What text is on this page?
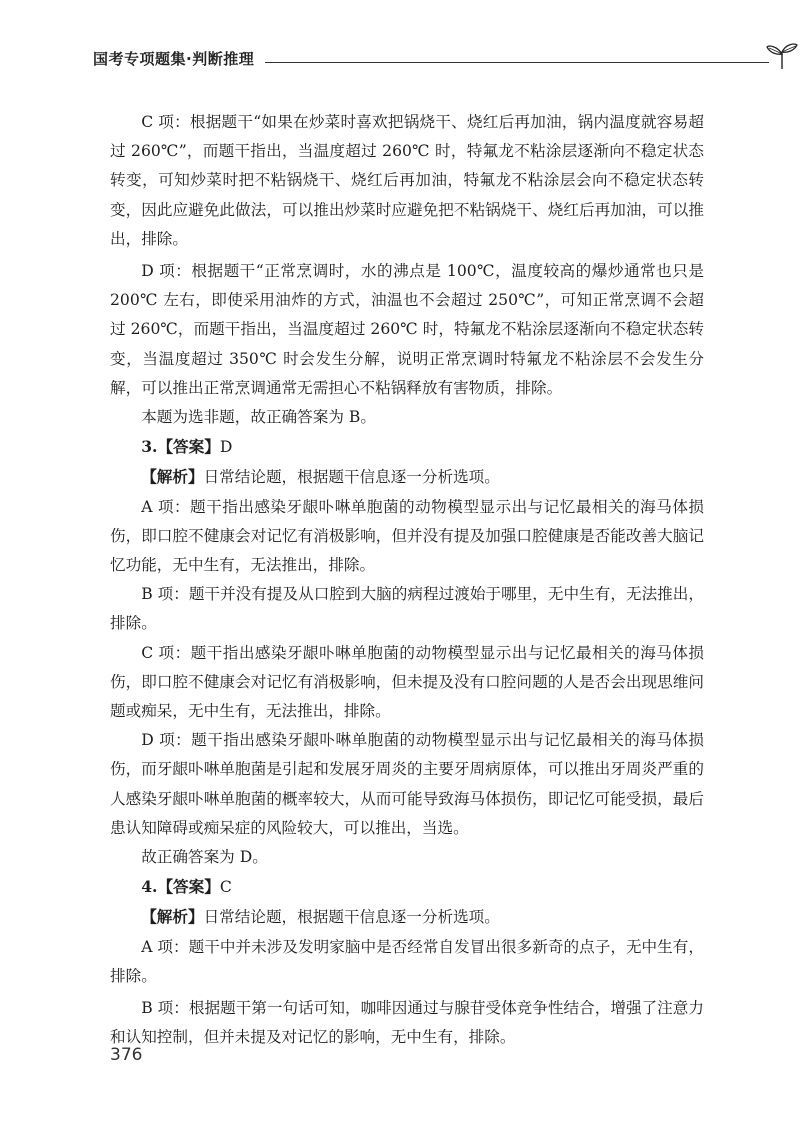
国考专项题集·判断推理

C 项：根据题干“如果在炒菜时喜欢把锅烧干、烧红后再加油，锅内温度就容易超过 260℃”，而题干指出，当温度超过 260℃ 时，特氟龙不粘涂层逐渐向不稳定状态转变，可知炒菜时把不粘锅烧干、烧红后再加油，特氟龙不粘涂层会向不稳定状态转变，因此应避免此做法，可以推出炒菜时应避免把不粘锅烧干、烧红后再加油，可以推出，排除。

D 项：根据题干“正常烹调时，水的沸点是 100℃，温度较高的爆炒通常也只是 200℃ 左右，即使采用油炸的方式，油温也不会超过 250℃”，可知正常烹调不会超过 260℃，而题干指出，当温度超过 260℃ 时，特氟龙不粘涂层逐渐向不稳定状态转变，当温度超过 350℃ 时会发生分解，说明正常烹调时特氟龙不粘涂层不会发生分解，可以推出正常烹调通常无需担心不粘锅释放有害物质，排除。

本题为选非题，故正确答案为 B。

3.【答案】D

【解析】日常结论题，根据题干信息逐一分析选项。

A 项：题干指出感染牙龈卟啉单胞菌的动物模型显示出与记忆最相关的海马体损伤，即口腔不健康会对记忆有消极影响，但并没有提及加强口腔健康是否能改善大脑记忆功能，无中生有，无法推出，排除。

B 项：题干并没有提及从口腔到大脑的病程过渡始于哪里，无中生有，无法推出，排除。

C 项：题干指出感染牙龈卟啉单胞菌的动物模型显示出与记忆最相关的海马体损伤，即口腔不健康会对记忆有消极影响，但未提及没有口腔问题的人是否会出现思维问题或痴呆，无中生有，无法推出，排除。

D 项：题干指出感染牙龈卟啉单胞菌的动物模型显示出与记忆最相关的海马体损伤，而牙龈卟啉单胞菌是引起和发展牙周炎的主要牙周病原体，可以推出牙周炎严重的人感染牙龈卟啉单胞菌的概率较大，从而可能导致海马体损伤，即记忆可能受损，最后患认知障碍或痴呆症的风险较大，可以推出，当选。

故正确答案为 D。

4.【答案】C

【解析】日常结论题，根据题干信息逐一分析选项。

A 项：题干中并未涉及发明家脑中是否经常自发冒出很多新奇的点子，无中生有，排除。

B 项：根据题干第一句话可知，咖啡因通过与腺苷受体竞争性结合，增强了注意力和认知控制，但并未提及对记忆的影响，无中生有，排除。

376
